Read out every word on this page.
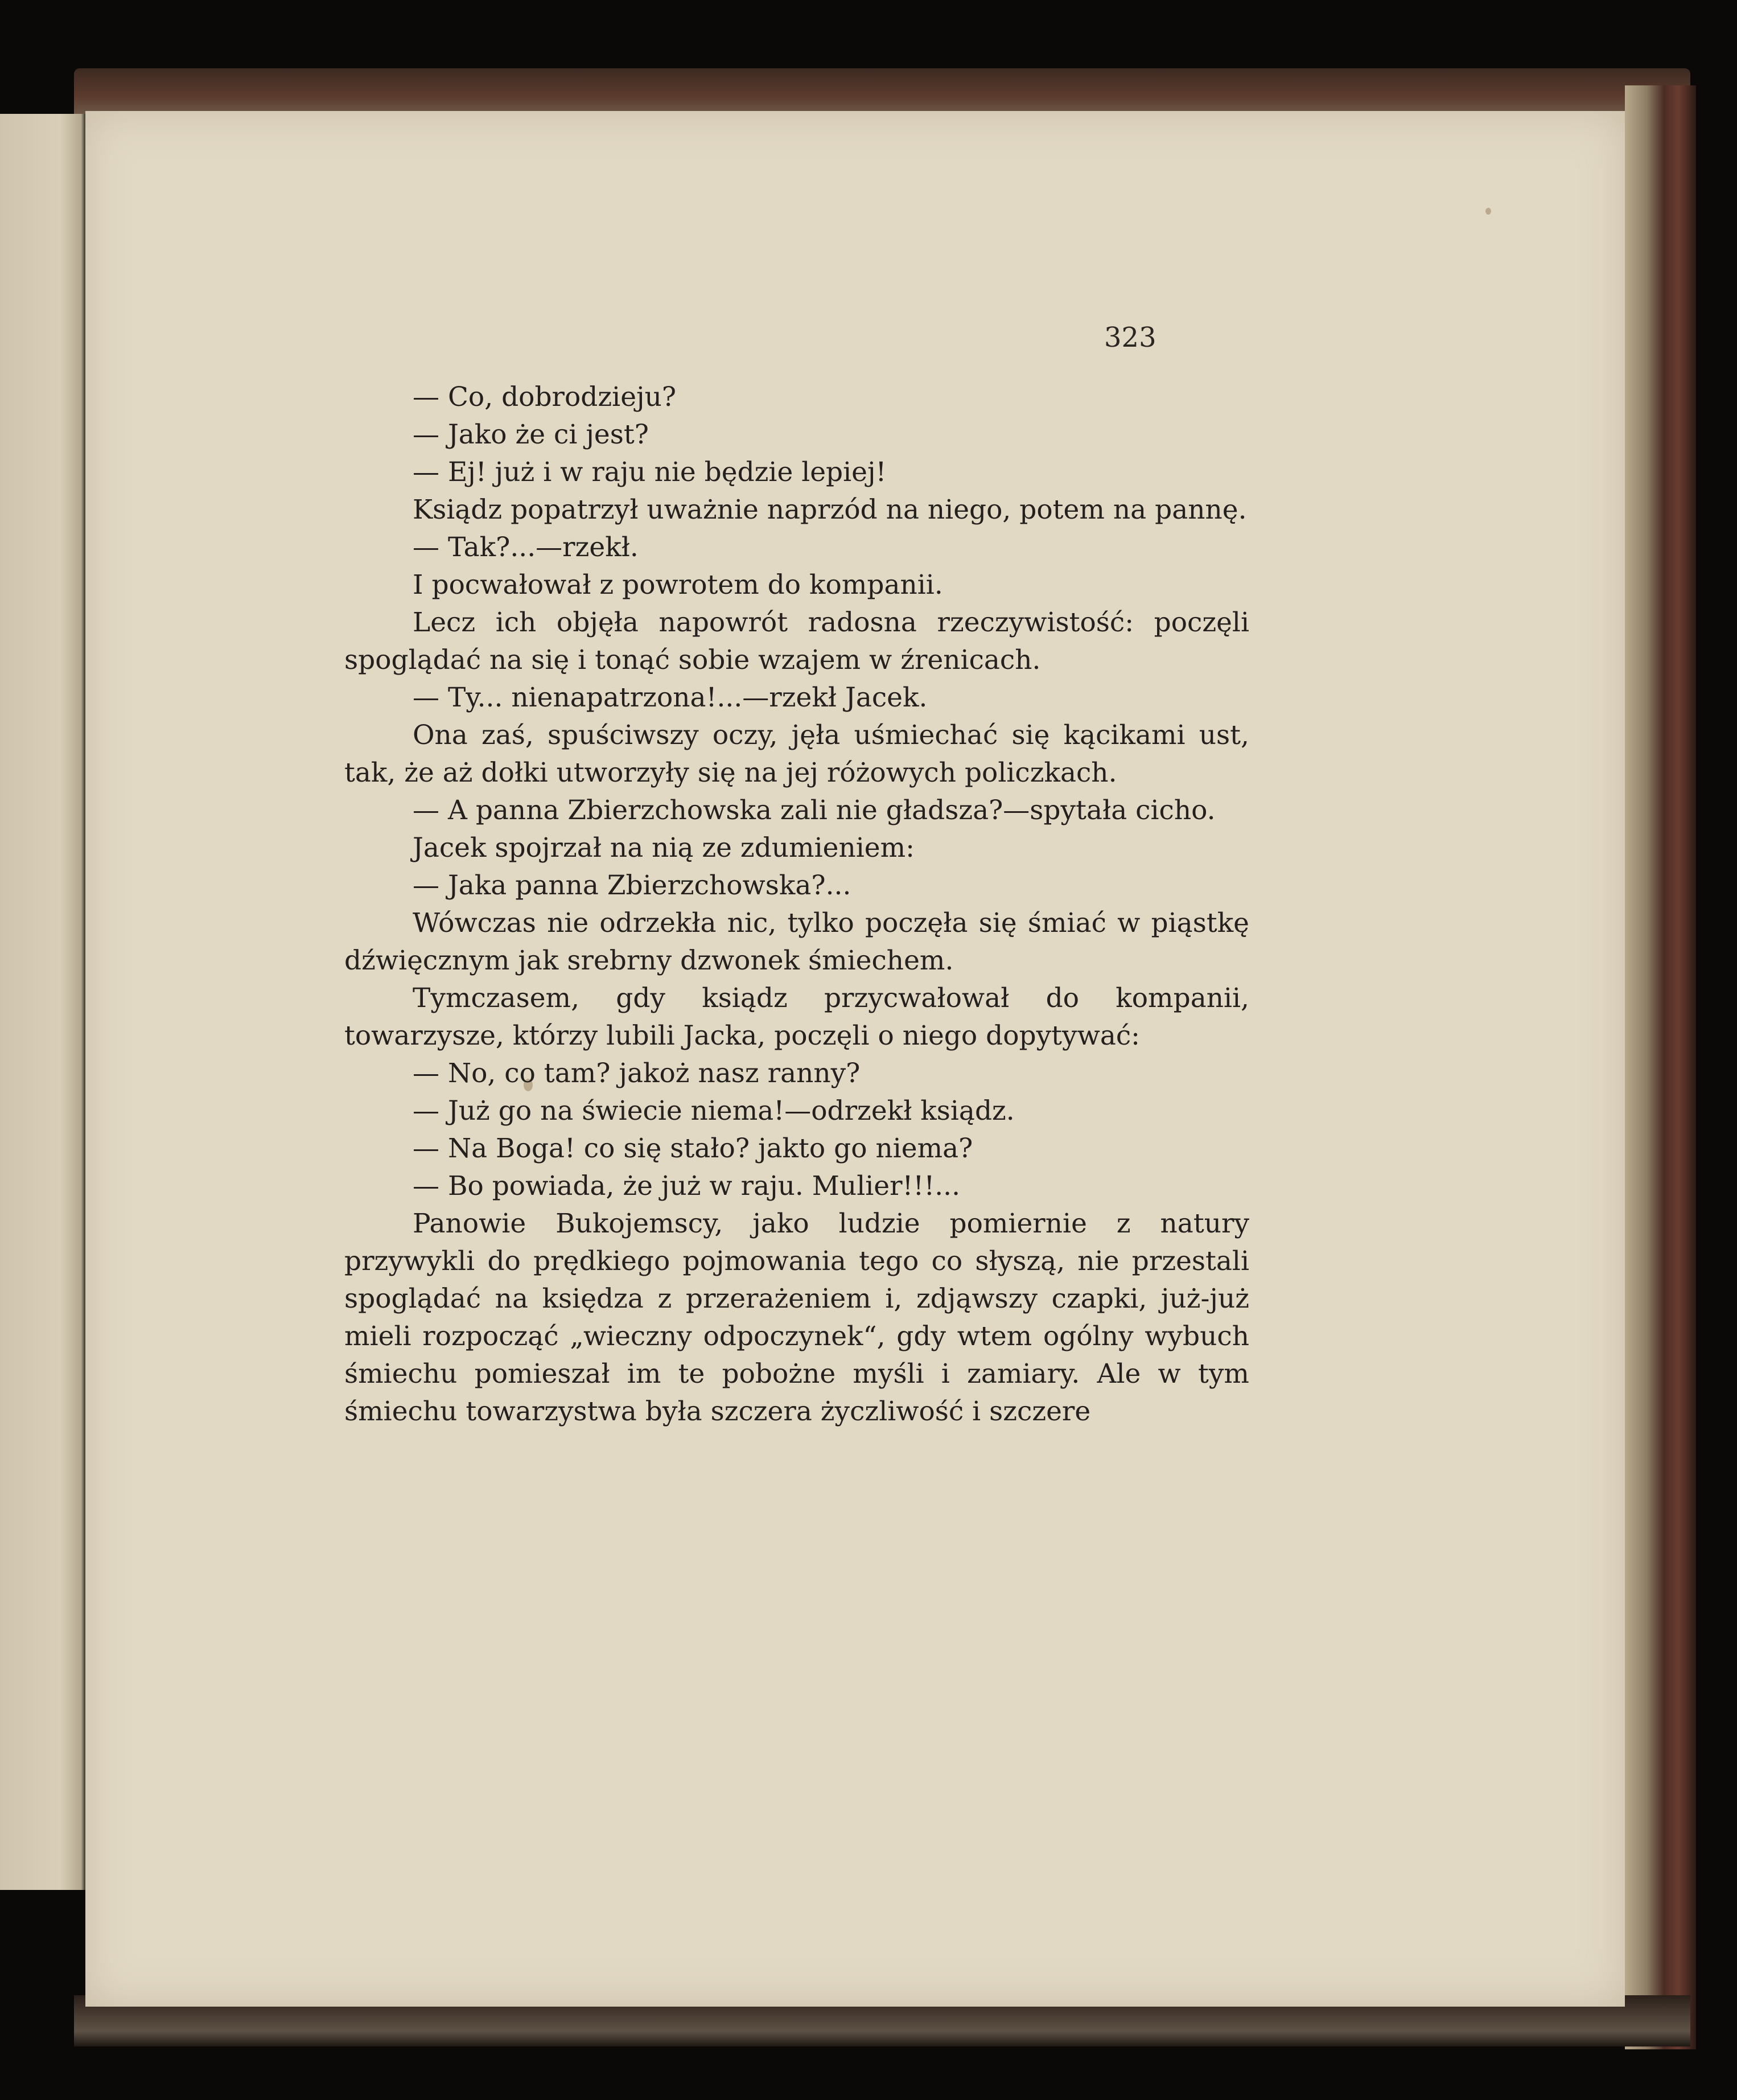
323

— Co, dobrodzieju?

— Jako że ci jest?

— Ej! już i w raju nie będzie lepiej!

Ksiądz popatrzył uważnie naprzód na niego, potem na pannę.

— Tak?...—rzekł.

I pocwałował z powrotem do kompanii.

Lecz ich objęła napowrót radosna rzeczywistość: poczęli spoglądać na się i tonąć sobie wzajem w źrenicach.

— Ty... nienapatrzona!...—rzekł Jacek.

Ona zaś, spuściwszy oczy, jęła uśmiechać się kącikami ust, tak, że aż dołki utworzyły się na jej różowych policzkach.

— A panna Zbierzchowska zali nie gładsza?—spytała cicho.

Jacek spojrzał na nią ze zdumieniem:

— Jaka panna Zbierzchowska?...

Wówczas nie odrzekła nic, tylko poczęła się śmiać w piąstkę dźwięcznym jak srebrny dzwonek śmiechem.

Tymczasem, gdy ksiądz przycwałował do kompanii, towarzysze, którzy lubili Jacka, poczęli o niego dopytywać:

— No, co tam? jakoż nasz ranny?

— Już go na świecie niema!—odrzekł ksiądz.

— Na Boga! co się stało? jakto go niema?

— Bo powiada, że już w raju. Mulier!!!...

Panowie Bukojemscy, jako ludzie pomiernie z natury przywykli do prędkiego pojmowania tego co słyszą, nie przestali spoglądać na księdza z przerażeniem i, zdjąwszy czapki, już-już mieli rozpocząć „wieczny odpoczynek“, gdy wtem ogólny wybuch śmiechu pomieszał im te pobożne myśli i zamiary. Ale w tym śmiechu towarzystwa była szczera życzliwość i szczere
